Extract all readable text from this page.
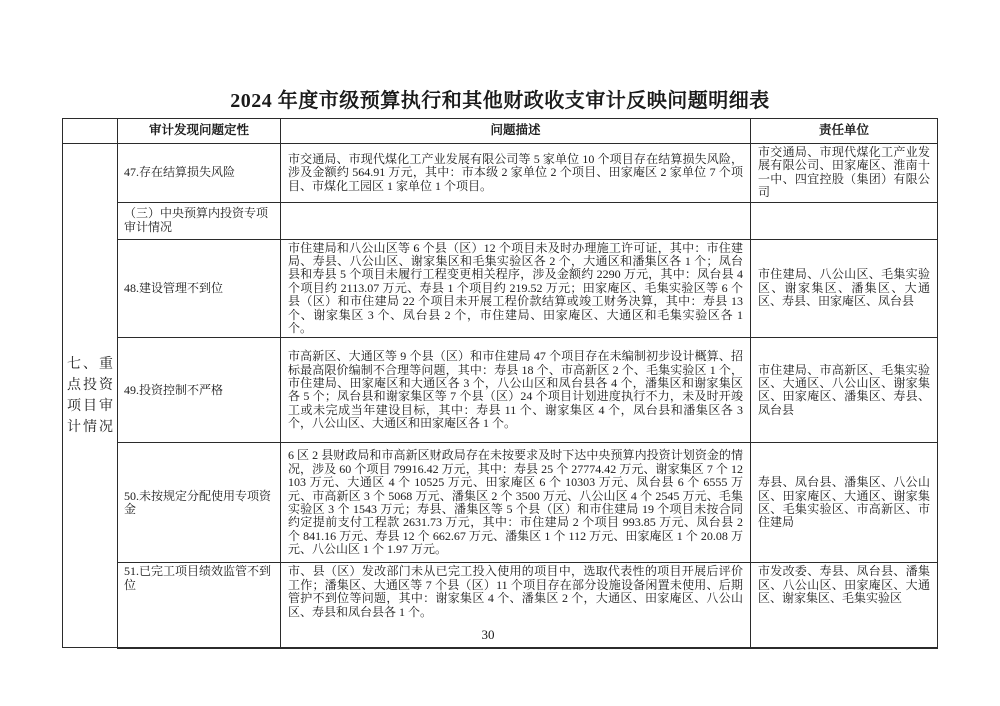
2024 年度市级预算执行和其他财政收支审计反映问题明细表
	审计发现问题定性	问题描述	责任单位

七、重
点投资
项目审
计情况	47.存在结算损失风险	市交通局、市现代煤化工产业发展有限公司等 5 家单位 10 个项目存在结算损失风险，涉及金额约 564.91 万元，其中：市本级 2 家单位 2 个项目、田家庵区 2 家单位 7 个项目、市煤化工园区 1 家单位 1 个项目。	市交通局、市现代煤化工产业发展有限公司、田家庵区、淮南十一中、四宜控股（集团）有限公司
	（三）中央预算内投资专项审计情况		
	48.建设管理不到位	市住建局和八公山区等 6 个县（区）12 个项目未及时办理施工许可证，其中：市住建局、寿县、八公山区、谢家集区和毛集实验区各 2 个，大通区和潘集区各 1 个；凤台县和寿县 5 个项目未履行工程变更相关程序，涉及金额约 2290 万元，其中：凤台县 4 个项目约 2113.07 万元、寿县 1 个项目约 219.52 万元；田家庵区、毛集实验区等 6 个县（区）和市住建局 22 个项目未开展工程价款结算或竣工财务决算，其中：寿县 13 个、谢家集区 3 个、凤台县 2 个，市住建局、田家庵区、大通区和毛集实验区各 1 个。	市住建局、八公山区、毛集实验区、谢家集区、潘集区、大通区、寿县、田家庵区、凤台县
	49.投资控制不严格	市高新区、大通区等 9 个县（区）和市住建局 47 个项目存在未编制初步设计概算、招标最高限价编制不合理等问题，其中：寿县 18 个、市高新区 2 个、毛集实验区 1 个，市住建局、田家庵区和大通区各 3 个，八公山区和凤台县各 4 个，潘集区和谢家集区各 5 个；凤台县和谢家集区等 7 个县（区）24 个项目计划进度执行不力，未及时开竣工或未完成当年建设目标，其中：寿县 11 个、谢家集区 4 个，凤台县和潘集区各 3 个，八公山区、大通区和田家庵区各 1 个。	市住建局、市高新区、毛集实验区、大通区、八公山区、谢家集区、田家庵区、潘集区、寿县、凤台县
	50.未按规定分配使用专项资金	6 区 2 县财政局和市高新区财政局存在未按要求及时下达中央预算内投资计划资金的情况，涉及 60 个项目 79916.42 万元，其中：寿县 25 个 27774.42 万元、谢家集区 7 个 12103 万元、大通区 4 个 10525 万元、田家庵区 6 个 10303 万元、凤台县 6 个 6555 万元、市高新区 3 个 5068 万元、潘集区 2 个 3500 万元、八公山区 4 个 2545 万元、毛集实验区 3 个 1543 万元；寿县、潘集区等 5 个县（区）和市住建局 19 个项目未按合同约定提前支付工程款 2631.73 万元，其中：市住建局 2 个项目 993.85 万元、凤台县 2 个 841.16 万元、寿县 12 个 662.67 万元、潘集区 1 个 112 万元、田家庵区 1 个 20.08 万元、八公山区 1 个 1.97 万元。	寿县、凤台县、潘集区、八公山区、田家庵区、大通区、谢家集区、毛集实验区、市高新区、市住建局
	51.已完工项目绩效监管不到位	市、县（区）发改部门未从已完工投入使用的项目中，选取代表性的项目开展后评价工作；潘集区、大通区等 7 个县（区）11 个项目存在部分设施设备闲置未使用、后期管护不到位等问题，其中：谢家集区 4 个、潘集区 2 个，大通区、田家庵区、八公山区、寿县和凤台县各 1 个。	市发改委、寿县、凤台县、潘集区、八公山区、田家庵区、大通区、谢家集区、毛集实验区
30
